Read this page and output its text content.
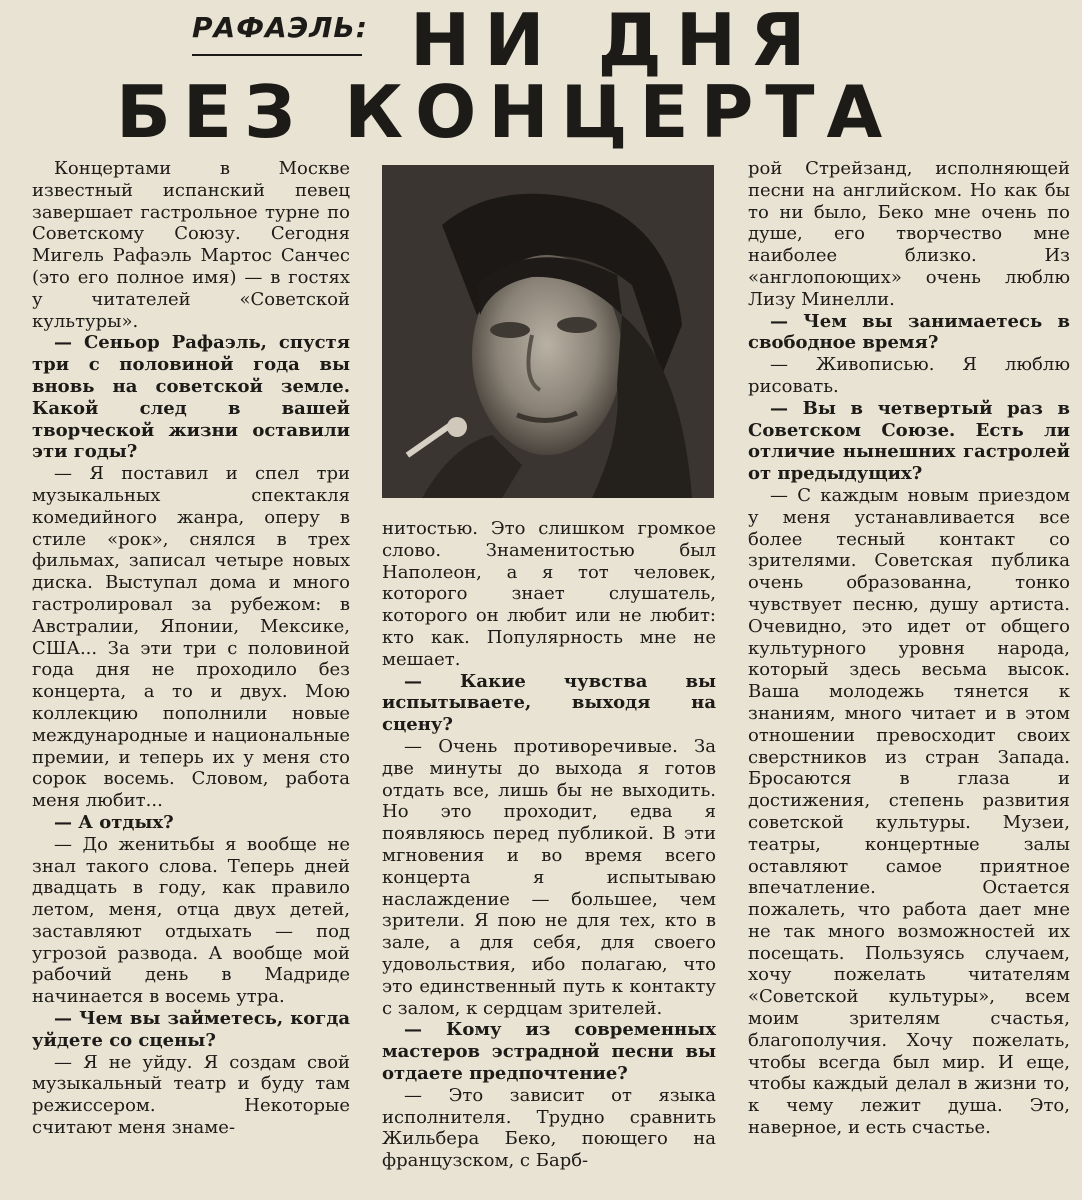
РАФАЭЛЬ: НИ ДНЯ
БЕЗ КОНЦЕРТА

Концертами в Москве известный испанский певец завершает гастрольное турне по Советскому Союзу. Сегодня Мигель Рафаэль Мартос Санчес (это его полное имя) — в гостях у читателей «Советской культуры».

— Сеньор Рафаэль, спустя три с половиной года вы вновь на советской земле. Какой след в вашей творческой жизни оставили эти годы?

— Я поставил и спел три музыкальных спектакля комедийного жанра, оперу в стиле «рок», снялся в трех фильмах, записал четыре новых диска. Выступал дома и много гастролировал за рубежом: в Австралии, Японии, Мексике, США... За эти три с половиной года дня не проходило без концерта, а то и двух. Мою коллекцию пополнили новые международные и национальные премии, и теперь их у меня сто сорок восемь. Словом, работа меня любит...

— А отдых?

— До женитьбы я вообще не знал такого слова. Теперь дней двадцать в году, как правило летом, меня, отца двух детей, заставляют отдыхать — под угрозой развода. А вообще мой рабочий день в Мадриде начинается в восемь утра.

— Чем вы займетесь, когда уйдете со сцены?

— Я не уйду. Я создам свой музыкальный театр и буду там режиссером. Некоторые считают меня знаме-

нитостью. Это слишком громкое слово. Знаменитостью был Наполеон, а я тот человек, которого знает слушатель, которого он любит или не любит: кто как. Популярность мне не мешает.

— Какие чувства вы испытываете, выходя на сцену?

— Очень противоречивые. За две минуты до выхода я готов отдать все, лишь бы не выходить. Но это проходит, едва я появляюсь перед публикой. В эти мгновения и во время всего концерта я испытываю наслаждение — большее, чем зрители. Я пою не для тех, кто в зале, а для себя, для своего удовольствия, ибо полагаю, что это единственный путь к контакту с залом, к сердцам зрителей.

— Кому из современных мастеров эстрадной песни вы отдаете предпочтение?

— Это зависит от языка исполнителя. Трудно сравнить Жильбера Беко, поющего на французском, с Барб-

рой Стрейзанд, исполняющей песни на английском. Но как бы то ни было, Беко мне очень по душе, его творчество мне наиболее близко. Из «англопоющих» очень люблю Лизу Минелли.

— Чем вы занимаетесь в свободное время?

— Живописью. Я люблю рисовать.

— Вы в четвертый раз в Советском Союзе. Есть ли отличие нынешних гастролей от предыдущих?

— С каждым новым приездом у меня устанавливается все более тесный контакт со зрителями. Советская публика очень образованна, тонко чувствует песню, душу артиста. Очевидно, это идет от общего культурного уровня народа, который здесь весьма высок. Ваша молодежь тянется к знаниям, много читает и в этом отношении превосходит своих сверстников из стран Запада. Бросаются в глаза и достижения, степень развития советской культуры. Музеи, театры, концертные залы оставляют самое приятное впечатление. Остается пожалеть, что работа дает мне не так много возможностей их посещать. Пользуясь случаем, хочу пожелать читателям «Советской культуры», всем моим зрителям счастья, благополучия. Хочу пожелать, чтобы всегда был мир. И еще, чтобы каждый делал в жизни то, к чему лежит душа. Это, наверное, и есть счастье.
